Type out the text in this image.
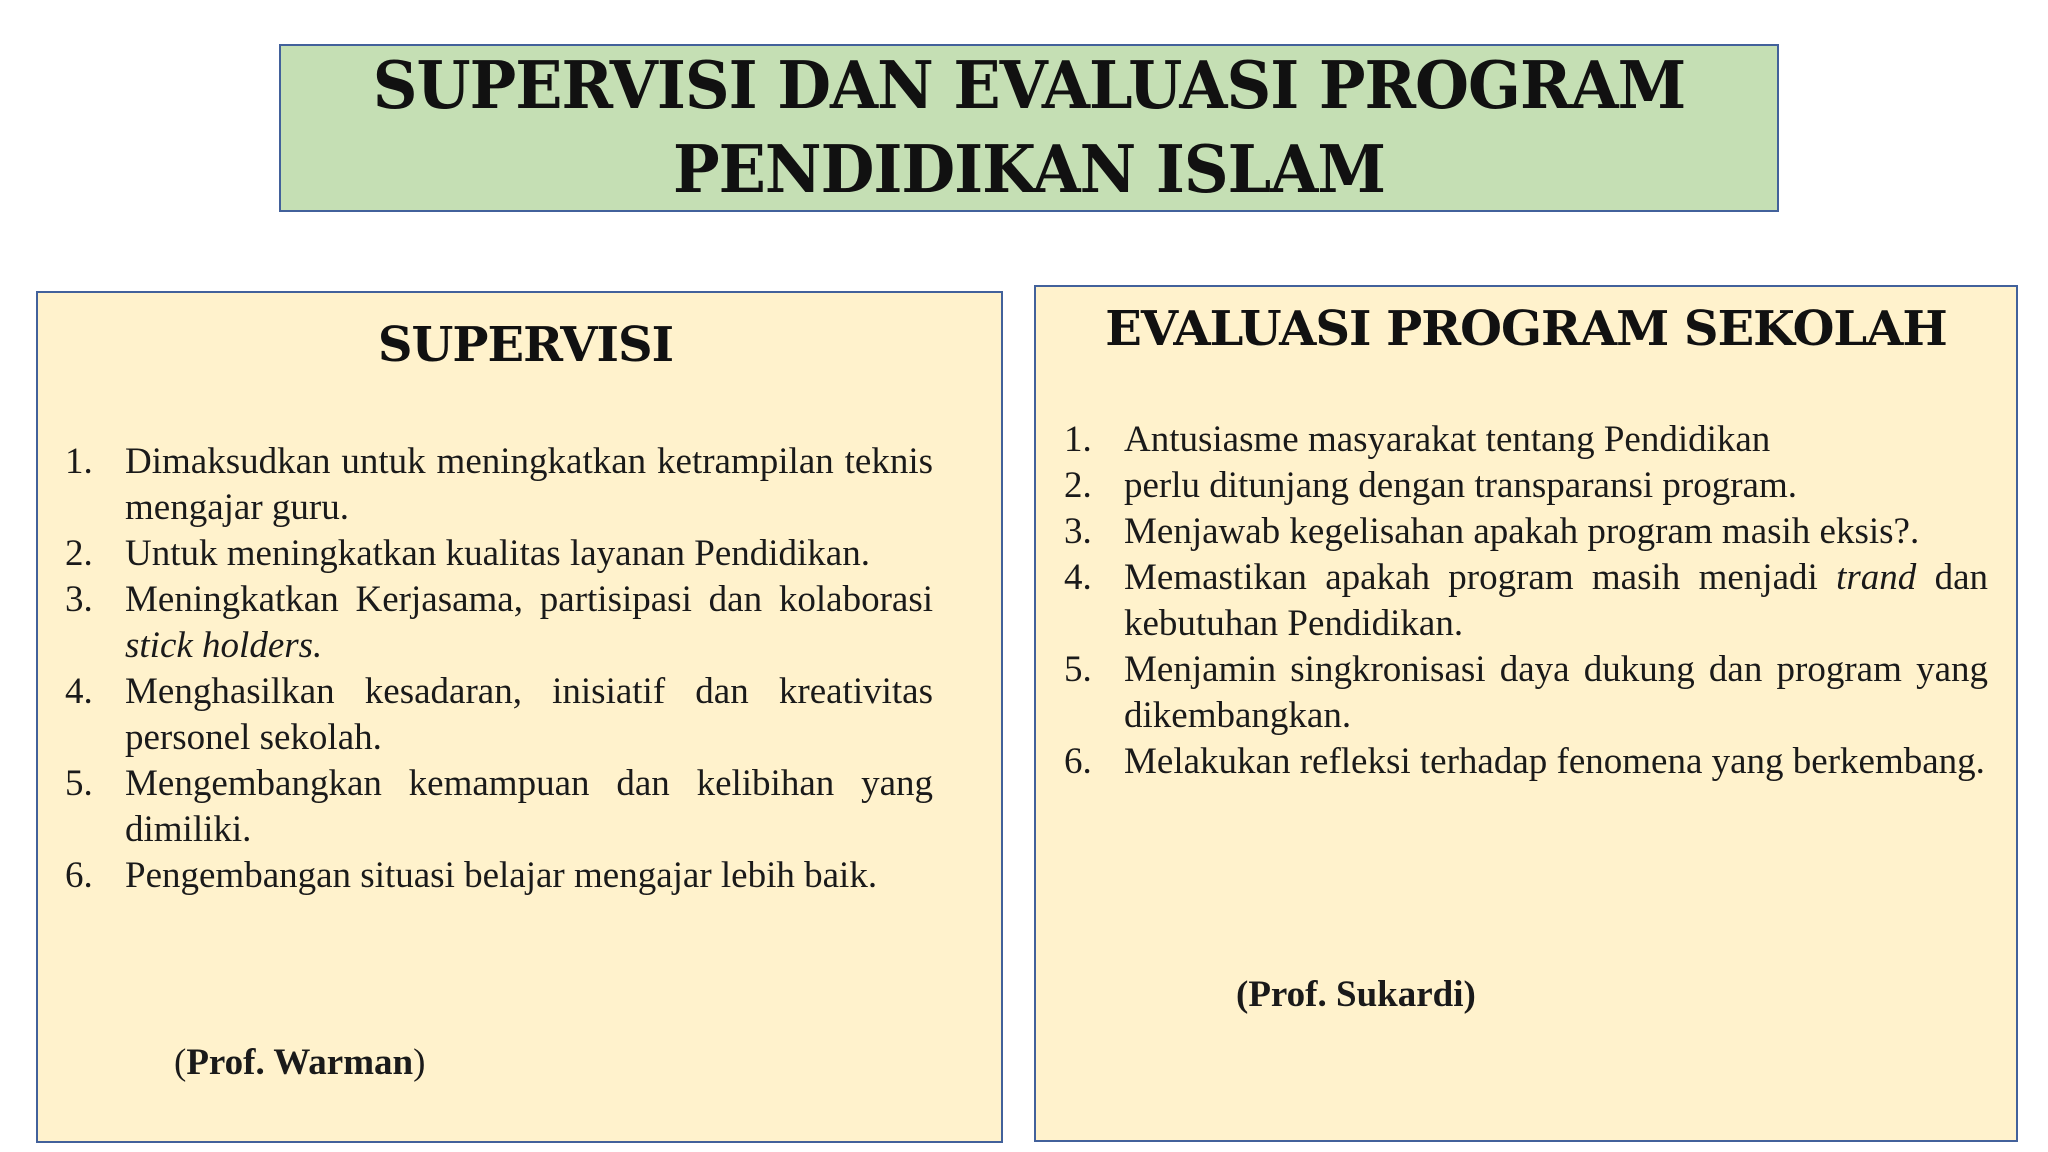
SUPERVISI DAN EVALUASI PROGRAM
PENDIDIKAN ISLAM
SUPERVISI
1. Dimaksudkan untuk meningkatkan ketrampilan teknis mengajar guru.
2. Untuk meningkatkan kualitas layanan Pendidikan.
3. Meningkatkan Kerjasama, partisipasi dan kolaborasi stick holders.
4. Menghasilkan kesadaran, inisiatif dan kreativitas personel sekolah.
5. Mengembangkan kemampuan dan kelibihan yang dimiliki.
6. Pengembangan situasi belajar mengajar lebih baik.
(Prof. Warman)
EVALUASI PROGRAM SEKOLAH
1. Antusiasme masyarakat tentang Pendidikan
2. perlu ditunjang dengan transparansi program.
3. Menjawab kegelisahan apakah program masih eksis?.
4. Memastikan apakah program masih menjadi trand dan kebutuhan Pendidikan.
5. Menjamin singkronisasi daya dukung dan program yang dikembangkan.
6. Melakukan refleksi terhadap fenomena yang berkembang.
(Prof. Sukardi)
